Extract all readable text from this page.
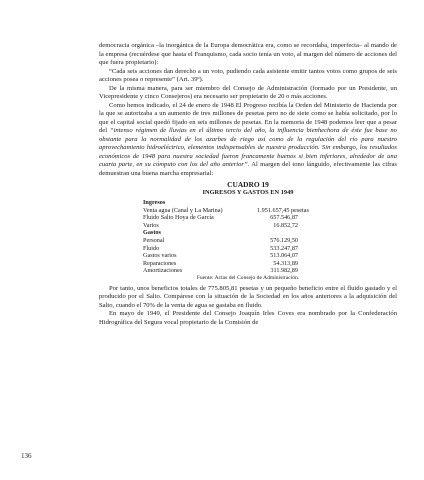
democracia orgánica –la inorgánica de la Europa democrática era, como se recordaba, imperfecta– al mando de la empresa (recuérdese que hasta el Franquismo, cada socio tenía un voto, al margen del número de acciones del que fuera propietario):

“Cada seis acciones dan derecho a un voto, pudiendo cada asistente emitir tantos votos como grupos de seis acciones posea o represente” (Art. 39º).

De la misma manera, para ser miembro del Consejo de Administración (formado por un Presidente, un Vicepresidente y cinco Consejeros) era necesario ser propietario de 20 o más acciones.

Como hemos indicado, el 24 de enero de 1948 El Progreso recibía la Orden del Ministerio de Hacienda por la que se autorizaba a un aumento de tres millones de pesetas pero no de siete como se había solicitado, por lo que el capital social quedó fijado en seis millones de pesetas. En la memoria de 1948 podemos leer que a pesar del “intenso régimen de lluvias en el último tercio del año, la influencia bienhechora de éste fue base no obstante para la normalidad de los azarbes de riego así como de la regulación del río para nuestro aprovechamiento hidroeléctrico, elementos indispensables de nuestra producción. Sin embargo, los resultados económicos de 1948 para nuestra sociedad fueron francamente buenos si bien inferiores, alrededor de una cuarta parte, en su cómputo con los del año anterior”. Al margen del tono lánguido, efectivamente las cifras demuestran una buena marcha empresarial:

CUADRO 19
INGRESOS Y GASTOS EN 1949
Ingresos
Venta agua (Canal y La Marina)	1.951.657,45 pesetas
Fluido Salto Hoya de García	657.546,87
Varios	16.852,72
Gastos
Personal	576.129,50
Fluido	533.247,87
Gastos varios	513.064,07
Reparaciones	54.313,89
Amortizaciones	311.982,89
Fuente: Actas del Consejo de Administración.

Por tanto, unos beneficios totales de 775.805,81 pesetas y un pequeño beneficio entre el fluido gastado y el producido por el Salto. Compárese con la situación de la Sociedad en los años anteriores a la adquisición del Salto, cuando el 70% de la venta de agua se gastaba en fluido.

En mayo de 1949, el Presidente del Consejo Joaquín Irles Coves era nombrado por la Confederación Hidrográfica del Segura vocal propietario de la Comisión de

136
